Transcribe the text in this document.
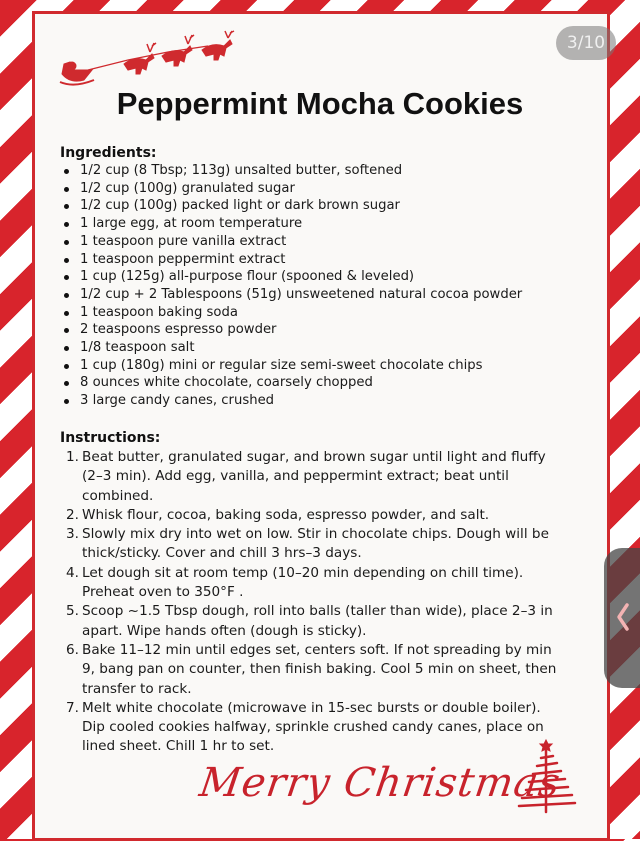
3/10
Peppermint Mocha Cookies
Ingredients:
1/2 cup (8 Tbsp; 113g) unsalted butter, softened
1/2 cup (100g) granulated sugar
1/2 cup (100g) packed light or dark brown sugar
1 large egg, at room temperature
1 teaspoon pure vanilla extract
1 teaspoon peppermint extract
1 cup (125g) all-purpose flour (spooned & leveled)
1/2 cup + 2 Tablespoons (51g) unsweetened natural cocoa powder
1 teaspoon baking soda
2 teaspoons espresso powder
1/8 teaspoon salt
1 cup (180g) mini or regular size semi-sweet chocolate chips
8 ounces white chocolate, coarsely chopped
3 large candy canes, crushed
Instructions:
1. Beat butter, granulated sugar, and brown sugar until light and fluffy (2–3 min). Add egg, vanilla, and peppermint extract; beat until combined.
2. Whisk flour, cocoa, baking soda, espresso powder, and salt.
3. Slowly mix dry into wet on low. Stir in chocolate chips. Dough will be thick/sticky. Cover and chill 3 hrs–3 days.
4. Let dough sit at room temp (10–20 min depending on chill time). Preheat oven to 350°F .
5. Scoop ~1.5 Tbsp dough, roll into balls (taller than wide), place 2–3 in apart. Wipe hands often (dough is sticky).
6. Bake 11–12 min until edges set, centers soft. If not spreading by min 9, bang pan on counter, then finish baking. Cool 5 min on sheet, then transfer to rack.
7. Melt white chocolate (microwave in 15-sec bursts or double boiler). Dip cooled cookies halfway, sprinkle crushed candy canes, place on lined sheet. Chill 1 hr to set.
Merry Christmas
